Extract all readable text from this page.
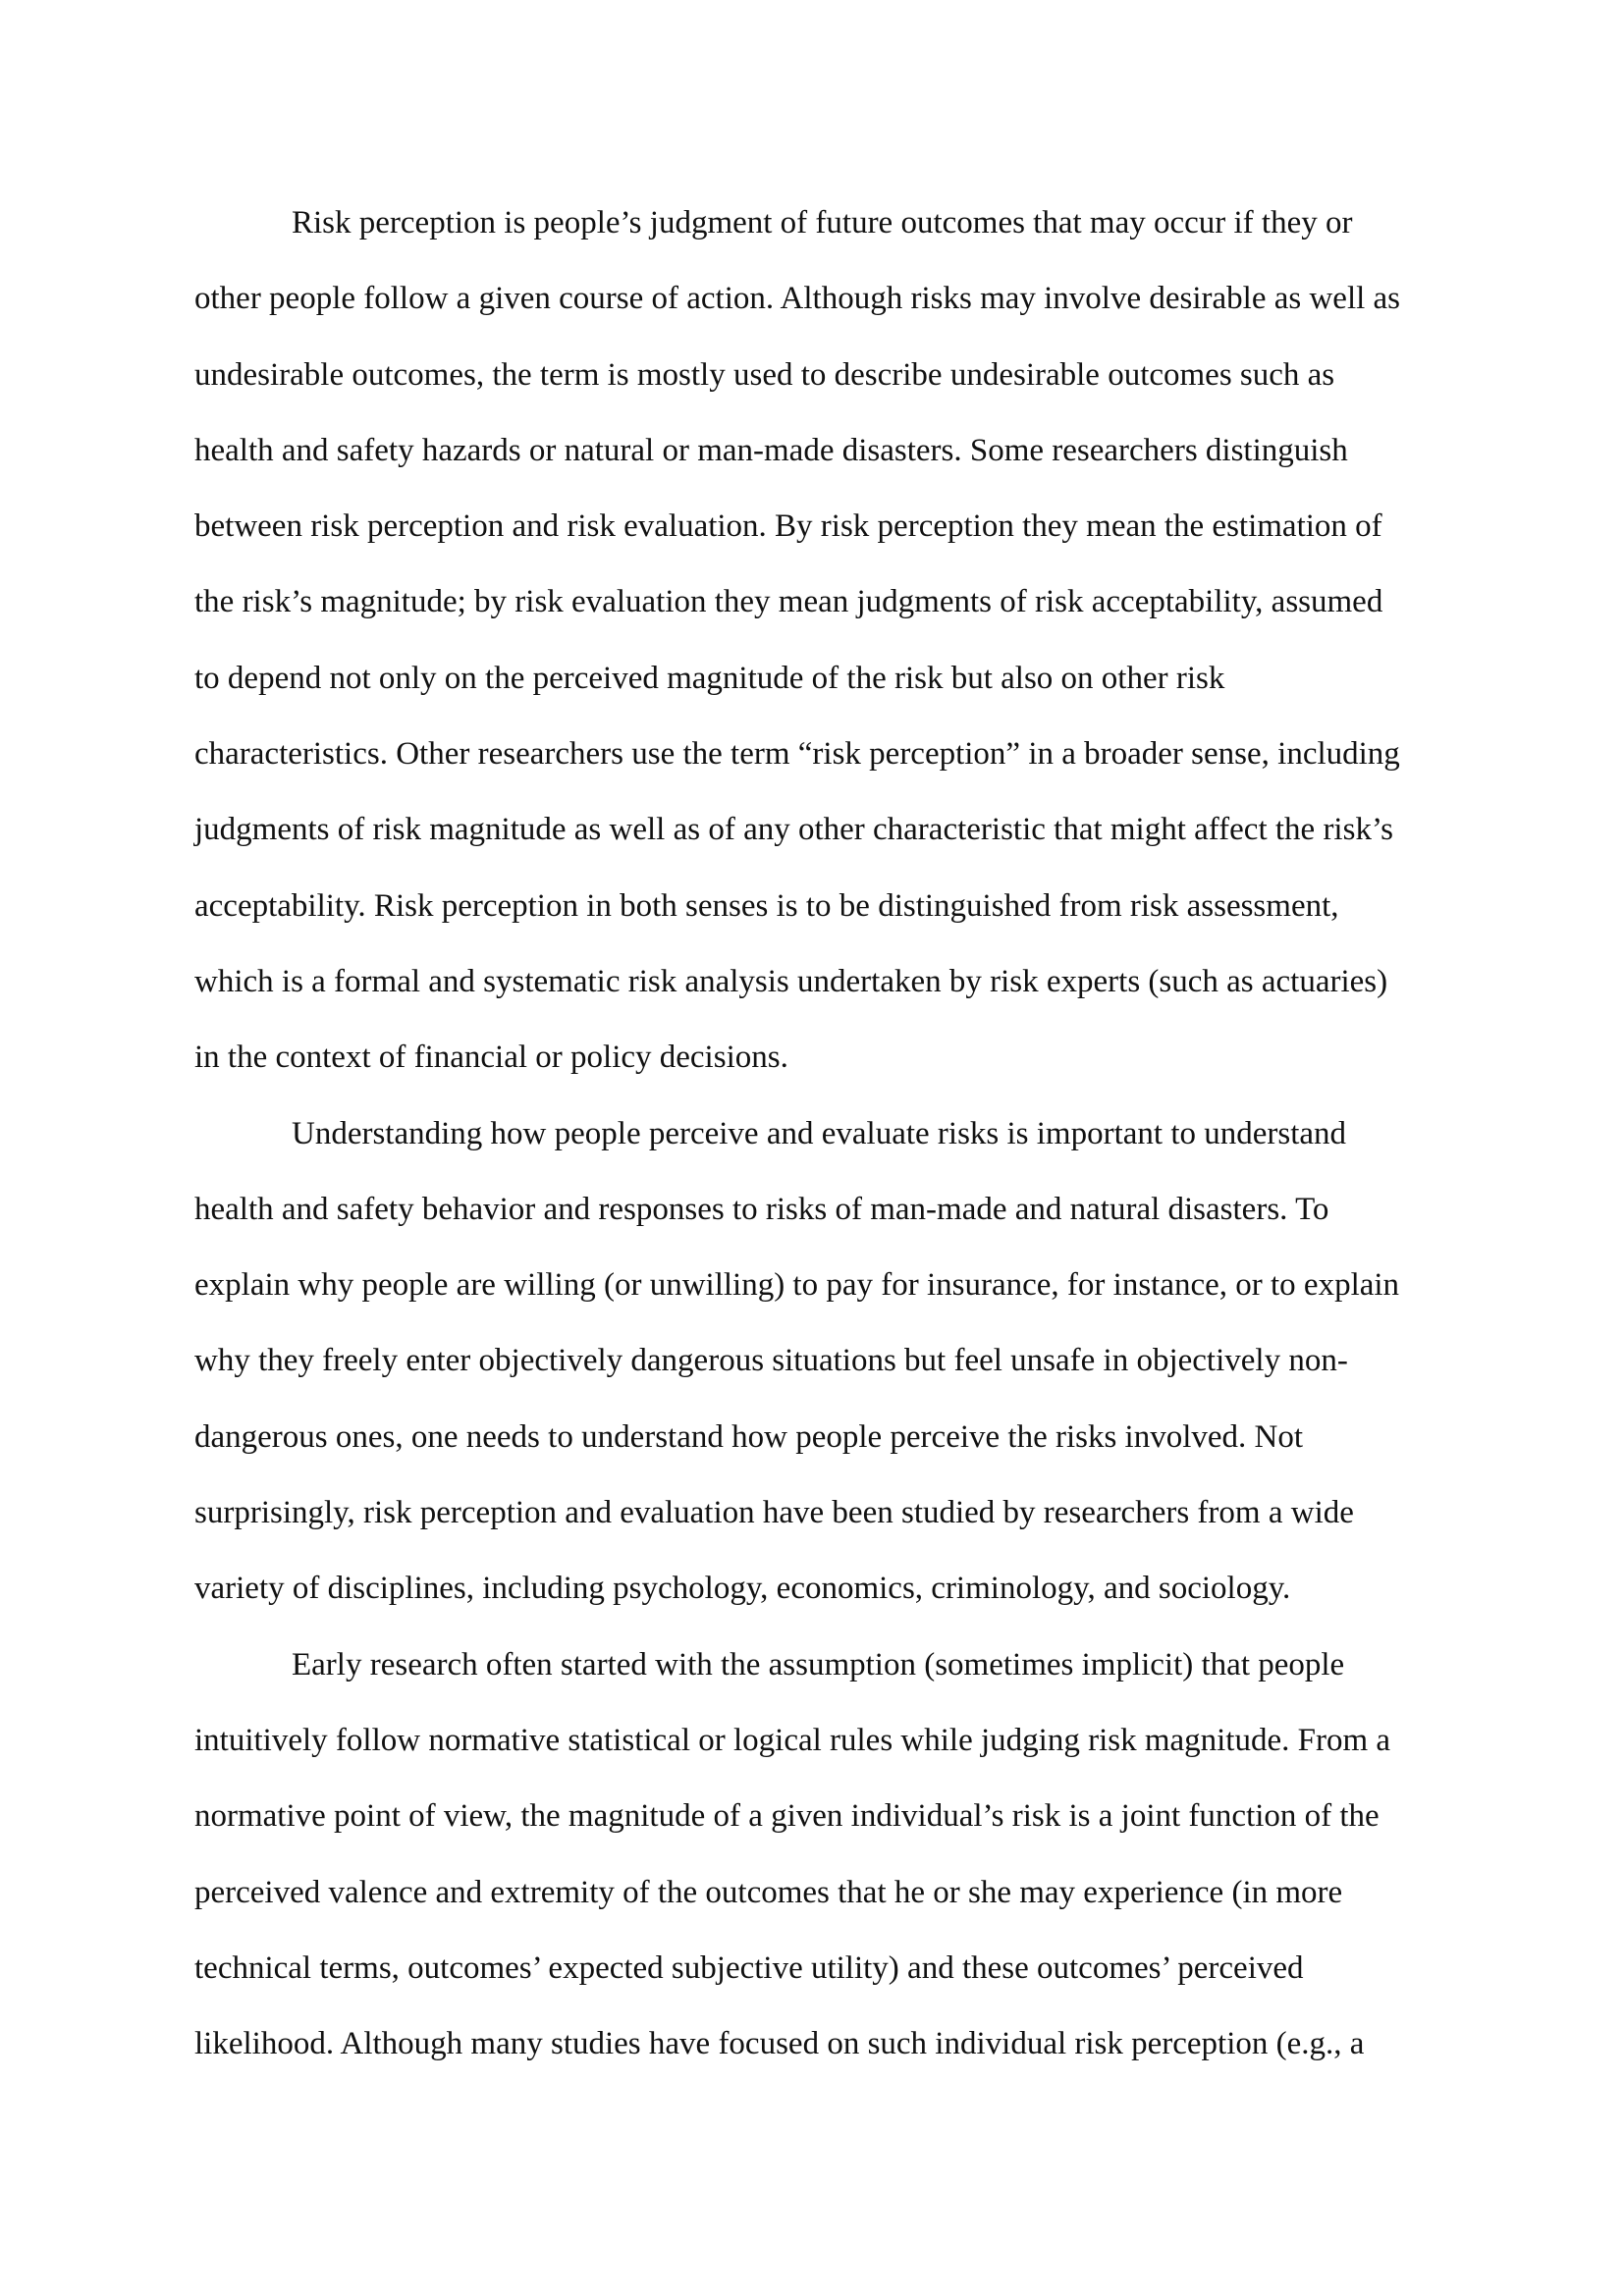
Risk perception is people’s judgment of future outcomes that may occur if they or
other people follow a given course of action. Although risks may involve desirable as well as
undesirable outcomes, the term is mostly used to describe undesirable outcomes such as
health and safety hazards or natural or man-made disasters. Some researchers distinguish
between risk perception and risk evaluation. By risk perception they mean the estimation of
the risk’s magnitude; by risk evaluation they mean judgments of risk acceptability, assumed
to depend not only on the perceived magnitude of the risk but also on other risk
characteristics. Other researchers use the term “risk perception” in a broader sense, including
judgments of risk magnitude as well as of any other characteristic that might affect the risk’s
acceptability. Risk perception in both senses is to be distinguished from risk assessment,
which is a formal and systematic risk analysis undertaken by risk experts (such as actuaries)
in the context of financial or policy decisions.
Understanding how people perceive and evaluate risks is important to understand
health and safety behavior and responses to risks of man-made and natural disasters. To
explain why people are willing (or unwilling) to pay for insurance, for instance, or to explain
why they freely enter objectively dangerous situations but feel unsafe in objectively non-
dangerous ones, one needs to understand how people perceive the risks involved. Not
surprisingly, risk perception and evaluation have been studied by researchers from a wide
variety of disciplines, including psychology, economics, criminology, and sociology.
Early research often started with the assumption (sometimes implicit) that people
intuitively follow normative statistical or logical rules while judging risk magnitude. From a
normative point of view, the magnitude of a given individual’s risk is a joint function of the
perceived valence and extremity of the outcomes that he or she may experience (in more
technical terms, outcomes’ expected subjective utility) and these outcomes’ perceived
likelihood. Although many studies have focused on such individual risk perception (e.g., a
